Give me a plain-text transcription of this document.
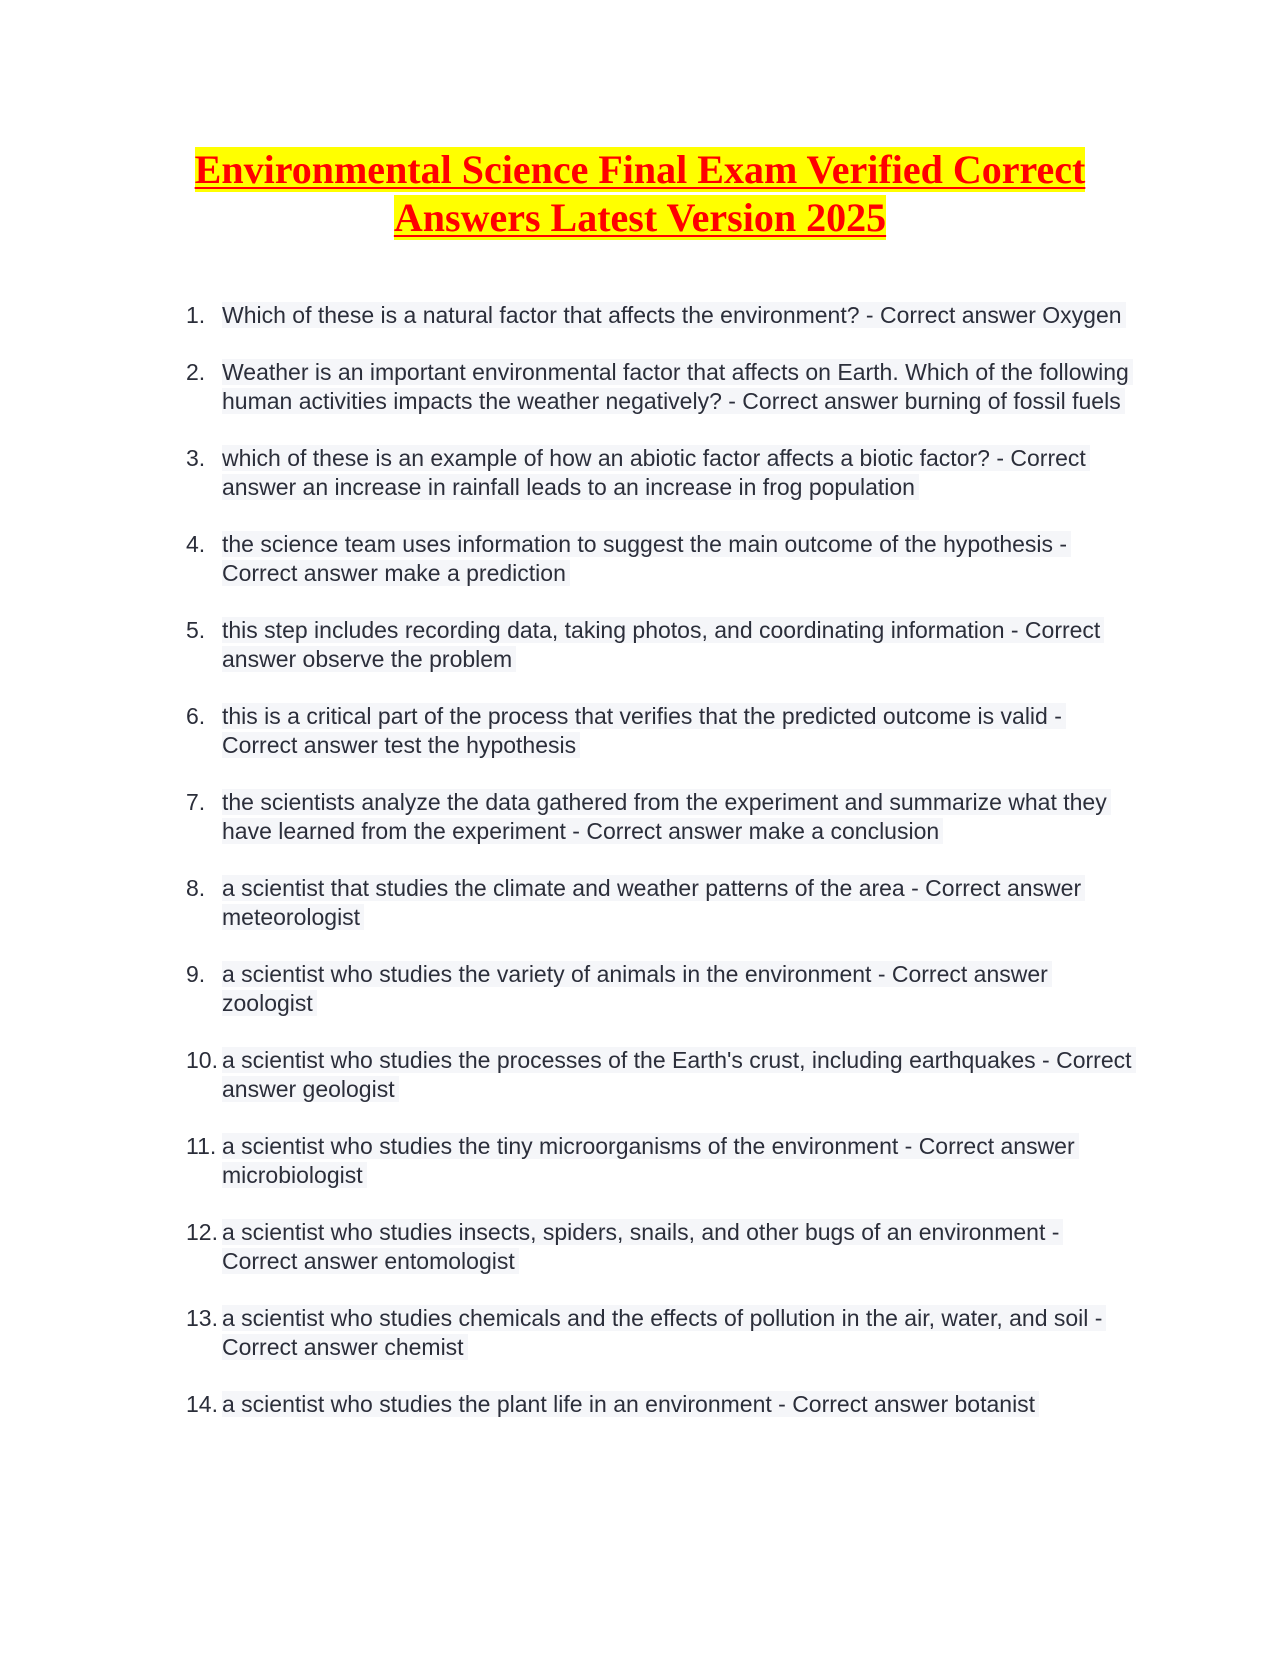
Environmental Science Final Exam Verified Correct Answers Latest Version 2025
1. Which of these is a natural factor that affects the environment? - Correct answer Oxygen
2. Weather is an important environmental factor that affects on Earth. Which of the following human activities impacts the weather negatively? - Correct answer burning of fossil fuels
3. which of these is an example of how an abiotic factor affects a biotic factor? - Correct answer an increase in rainfall leads to an increase in frog population
4. the science team uses information to suggest the main outcome of the hypothesis - Correct answer make a prediction
5. this step includes recording data, taking photos, and coordinating information - Correct answer observe the problem
6. this is a critical part of the process that verifies that the predicted outcome is valid - Correct answer test the hypothesis
7. the scientists analyze the data gathered from the experiment and summarize what they have learned from the experiment - Correct answer make a conclusion
8. a scientist that studies the climate and weather patterns of the area - Correct answer meteorologist
9. a scientist who studies the variety of animals in the environment - Correct answer zoologist
10. a scientist who studies the processes of the Earth's crust, including earthquakes - Correct answer geologist
11. a scientist who studies the tiny microorganisms of the environment - Correct answer microbiologist
12. a scientist who studies insects, spiders, snails, and other bugs of an environment - Correct answer entomologist
13. a scientist who studies chemicals and the effects of pollution in the air, water, and soil - Correct answer chemist
14. a scientist who studies the plant life in an environment - Correct answer botanist
